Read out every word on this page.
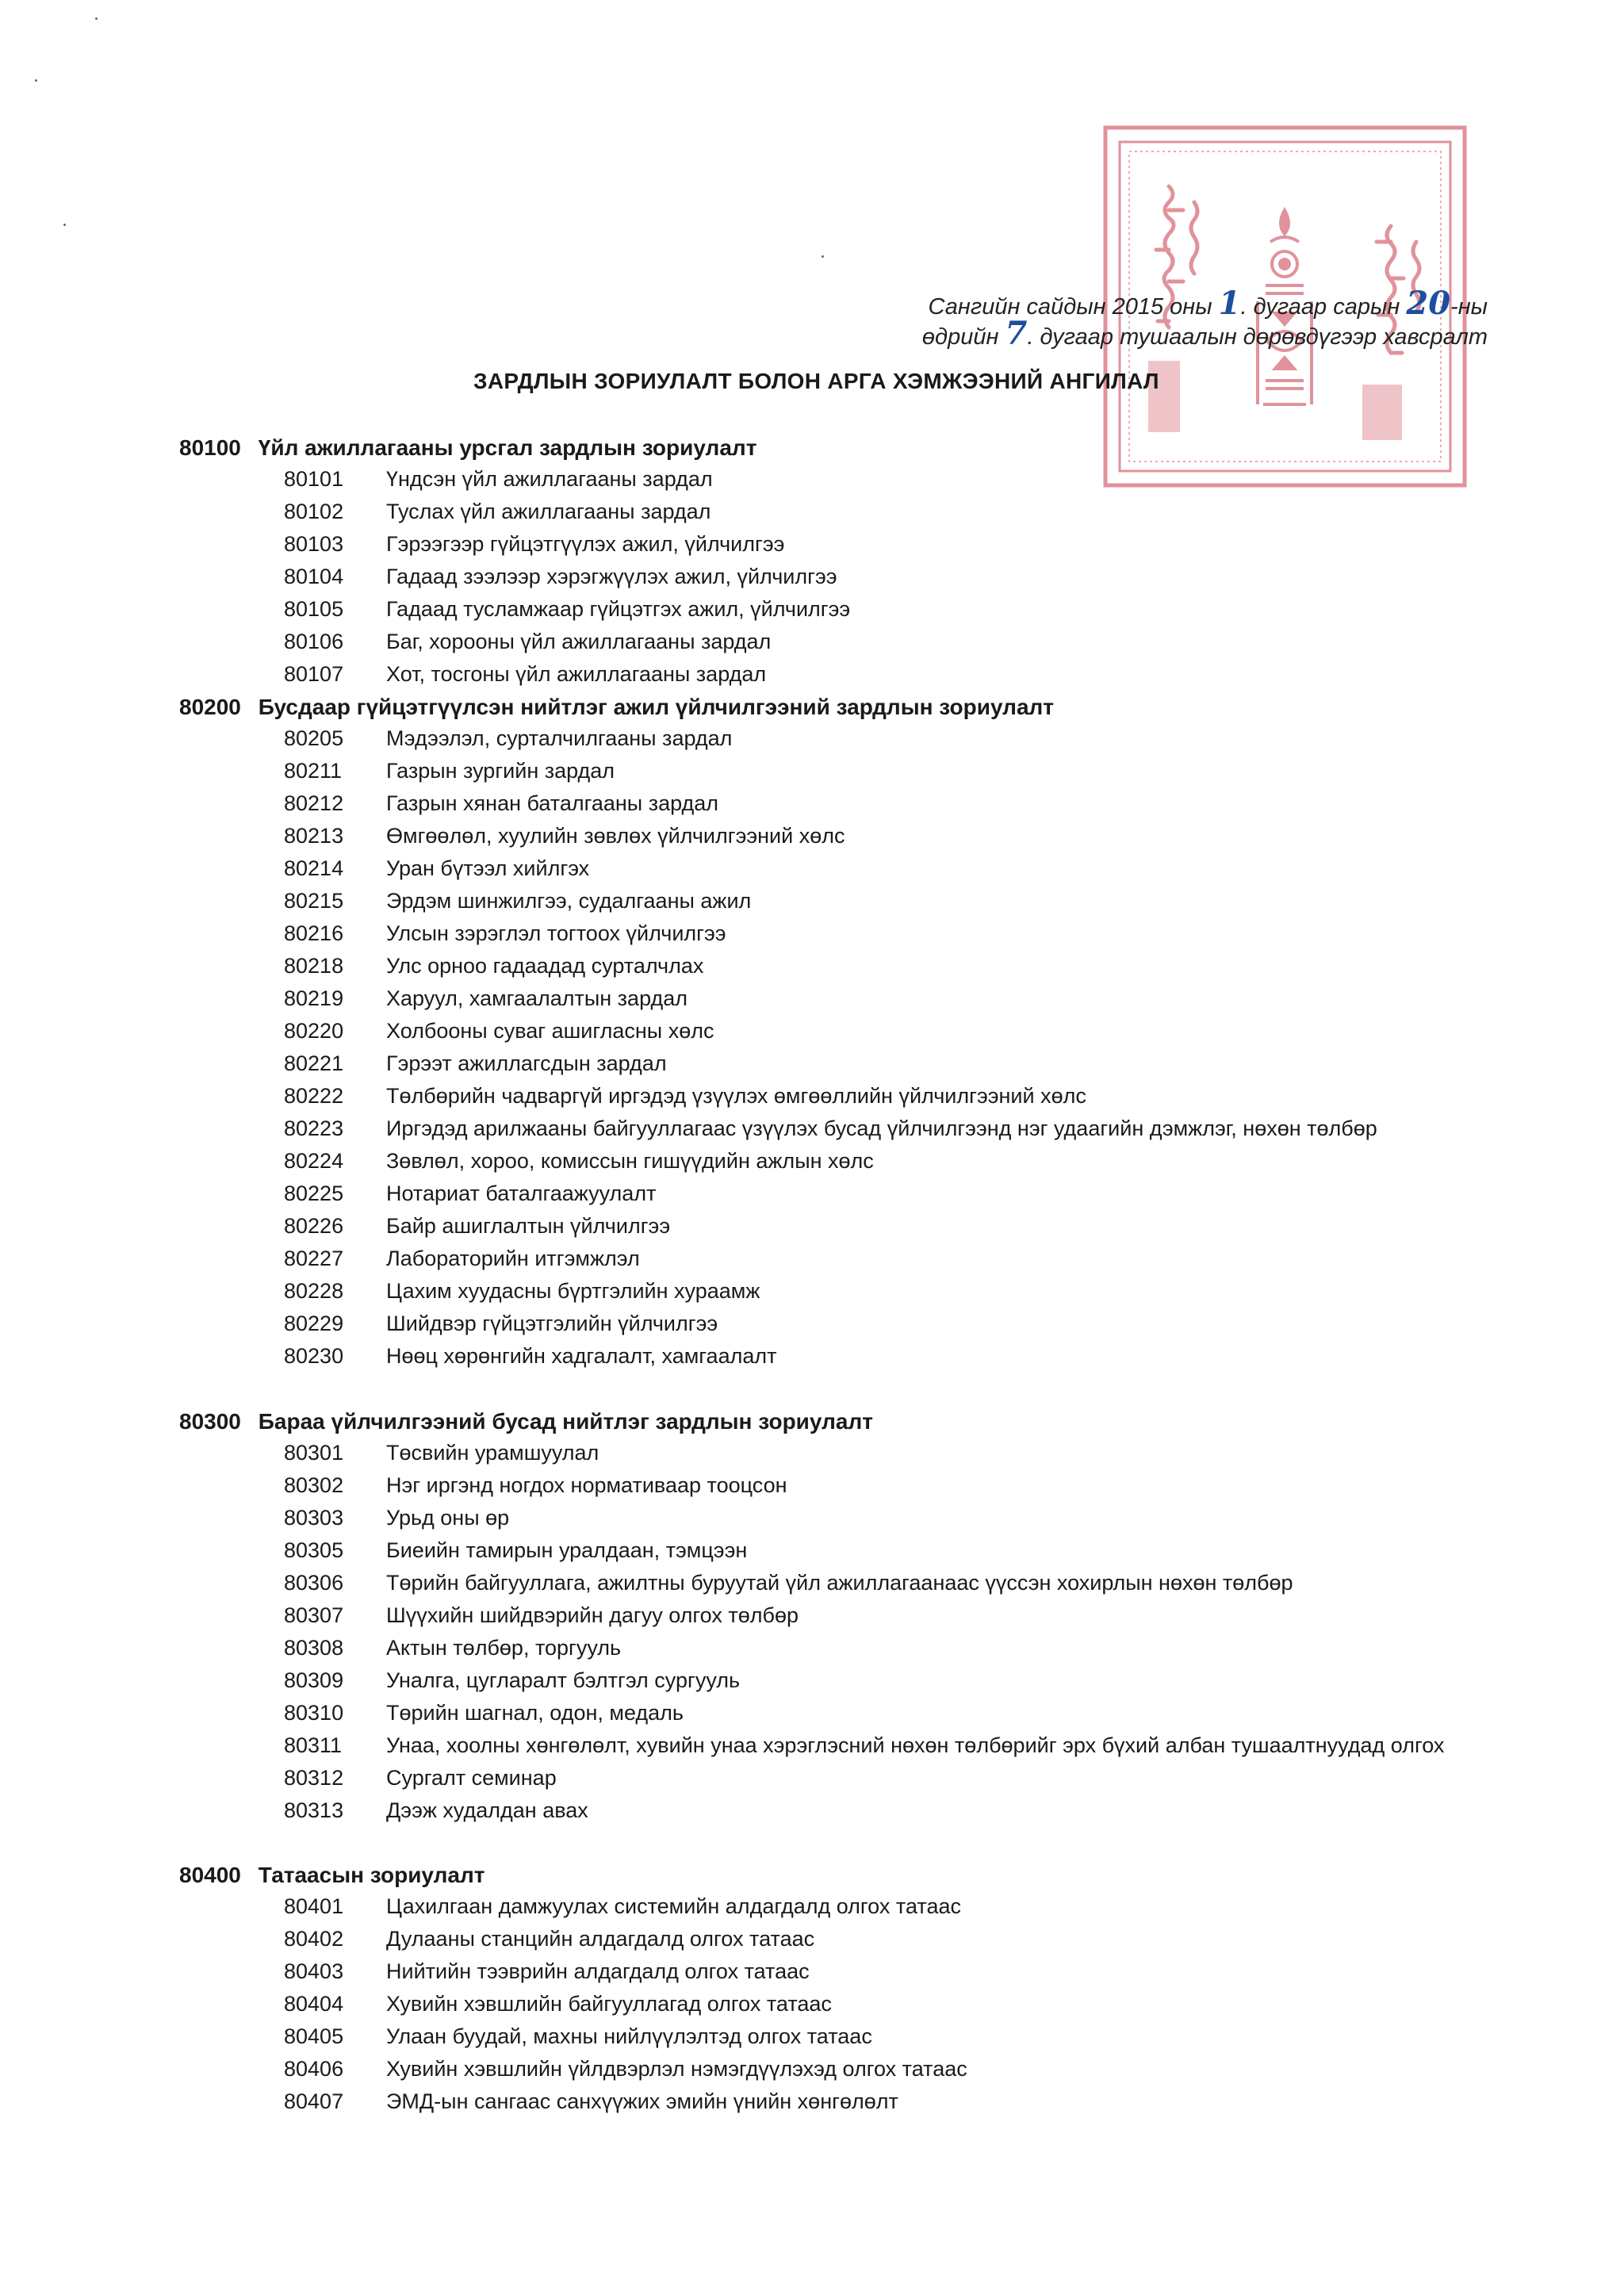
Сангийн сайдын 2015 оны 1. дугаар сарын 20-ны
өдрийн 7. дугаар тушаалын дөрөвдүгээр хавсралт
ЗАРДЛЫН ЗОРИУЛАЛТ БОЛОН АРГА ХЭМЖЭЭНИЙ АНГИЛАЛ
80100 Үйл ажиллагааны урсгал зардлын зориулалт
80101 Үндсэн үйл ажиллагааны зардал
80102 Туслах үйл ажиллагааны зардал
80103 Гэрээгээр гүйцэтгүүлэх ажил, үйлчилгээ
80104 Гадаад зээлээр хэрэгжүүлэх ажил, үйлчилгээ
80105 Гадаад тусламжаар гүйцэтгэх ажил, үйлчилгээ
80106 Баг, хорооны үйл ажиллагааны зардал
80107 Хот, тосгоны үйл ажиллагааны зардал
80200 Бусдаар гүйцэтгүүлсэн нийтлэг ажил үйлчилгээний зардлын зориулалт
80205 Мэдээлэл, сурталчилгааны зардал
80211 Газрын зургийн зардал
80212 Газрын хянан баталгааны зардал
80213 Өмгөөлөл, хуулийн зөвлөх үйлчилгээний хөлс
80214 Уран бүтээл хийлгэх
80215 Эрдэм шинжилгээ, судалгааны ажил
80216 Улсын зэрэглэл тогтоох үйлчилгээ
80218 Улс орноо гадаадад сурталчлах
80219 Харуул, хамгаалалтын зардал
80220 Холбооны суваг ашигласны хөлс
80221 Гэрээт ажиллагсдын зардал
80222 Төлбөрийн чадваргүй иргэдэд үзүүлэх өмгөөллийн үйлчилгээний хөлс
80223 Иргэдэд арилжааны байгууллагаас үзүүлэх бусад үйлчилгээнд нэг удаагийн дэмжлэг, нөхөн төлбөр
80224 Зөвлөл, хороо, комиссын гишүүдийн ажлын хөлс
80225 Нотариат баталгаажуулалт
80226 Байр ашиглалтын үйлчилгээ
80227 Лабораторийн итгэмжлэл
80228 Цахим хуудасны бүртгэлийн хураамж
80229 Шийдвэр гүйцэтгэлийн үйлчилгээ
80230 Нөөц хөрөнгийн хадгалалт, хамгаалалт
80300 Бараа үйлчилгээний бусад нийтлэг зардлын зориулалт
80301 Төсвийн урамшуулал
80302 Нэг иргэнд ногдох нормативаар тооцсон
80303 Урьд оны өр
80305 Биеийн тамирын уралдаан, тэмцээн
80306 Төрийн байгууллага, ажилтны буруутай үйл ажиллагаанаас үүссэн хохирлын нөхөн төлбөр
80307 Шүүхийн шийдвэрийн дагуу олгох төлбөр
80308 Актын төлбөр, торгууль
80309 Уналга, цугларалт бэлтгэл сургууль
80310 Төрийн шагнал, одон, медаль
80311 Унаа, хоолны хөнгөлөлт, хувийн унаа хэрэглэсний нөхөн төлбөрийг эрх бүхий албан тушаалтнуудад олгох
80312 Сургалт семинар
80313 Дээж худалдан авах
80400 Татаасын зориулалт
80401 Цахилгаан дамжуулах системийн алдагдалд олгох татаас
80402 Дулааны станцийн алдагдалд олгох татаас
80403 Нийтийн тээврийн алдагдалд олгох татаас
80404 Хувийн хэвшлийн байгууллагад олгох татаас
80405 Улаан буудай, махны нийлүүлэлтэд олгох татаас
80406 Хувийн хэвшлийн үйлдвэрлэл нэмэгдүүлэхэд олгох татаас
80407 ЭМД-ын сангаас санхүүжих эмийн үнийн хөнгөлөлт
